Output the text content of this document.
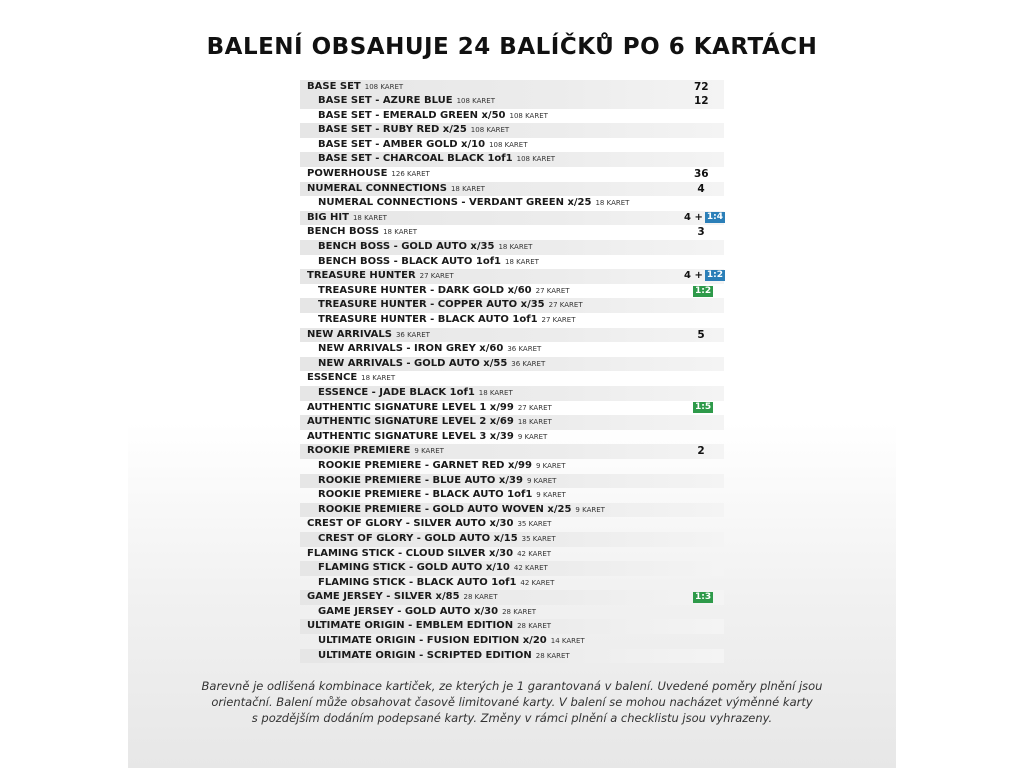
BALENÍ OBSAHUJE 24 BALÍČKŮ PO 6 KARTÁCH
BASE SET 108 KARET	72
BASE SET - AZURE BLUE 108 KARET	12
BASE SET - EMERALD GREEN x/50 108 KARET
BASE SET - RUBY RED x/25 108 KARET
BASE SET - AMBER GOLD x/10 108 KARET
BASE SET - CHARCOAL BLACK 1of1 108 KARET
POWERHOUSE 126 KARET	36
NUMERAL CONNECTIONS 18 KARET	4
NUMERAL CONNECTIONS - VERDANT GREEN x/25 18 KARET
BIG HIT 18 KARET	4 + 1:4
BENCH BOSS 18 KARET	3
BENCH BOSS - GOLD AUTO x/35 18 KARET
BENCH BOSS - BLACK AUTO 1of1 18 KARET
TREASURE HUNTER 27 KARET	4 + 1:2
TREASURE HUNTER - DARK GOLD x/60 27 KARET	1:2
TREASURE HUNTER - COPPER AUTO x/35 27 KARET
TREASURE HUNTER - BLACK AUTO 1of1 27 KARET
NEW ARRIVALS 36 KARET	5
NEW ARRIVALS - IRON GREY x/60 36 KARET
NEW ARRIVALS - GOLD AUTO x/55 36 KARET
ESSENCE 18 KARET
ESSENCE - JADE BLACK 1of1 18 KARET
AUTHENTIC SIGNATURE LEVEL 1 x/99 27 KARET	1:5
AUTHENTIC SIGNATURE LEVEL 2 x/69 18 KARET
AUTHENTIC SIGNATURE LEVEL 3 x/39 9 KARET
ROOKIE PREMIERE 9 KARET	2
ROOKIE PREMIERE - GARNET RED x/99 9 KARET
ROOKIE PREMIERE - BLUE AUTO x/39 9 KARET
ROOKIE PREMIERE - BLACK AUTO 1of1 9 KARET
ROOKIE PREMIERE - GOLD AUTO WOVEN x/25 9 KARET
CREST OF GLORY - SILVER AUTO x/30 35 KARET
CREST OF GLORY - GOLD AUTO x/15 35 KARET
FLAMING STICK - CLOUD SILVER x/30 42 KARET
FLAMING STICK - GOLD AUTO x/10 42 KARET
FLAMING STICK - BLACK AUTO 1of1 42 KARET
GAME JERSEY - SILVER x/85 28 KARET	1:3
GAME JERSEY - GOLD AUTO x/30 28 KARET
ULTIMATE ORIGIN - EMBLEM EDITION 28 KARET
ULTIMATE ORIGIN - FUSION EDITION x/20 14 KARET
ULTIMATE ORIGIN - SCRIPTED EDITION 28 KARET
Barevně je odlišená kombinace kartiček, ze kterých je 1 garantovaná v balení. Uvedené poměry plnění jsou
orientační. Balení může obsahovat časově limitované karty. V balení se mohou nacházet výměnné karty
s pozdějším dodáním podepsané karty. Změny v rámci plnění a checklistu jsou vyhrazeny.
